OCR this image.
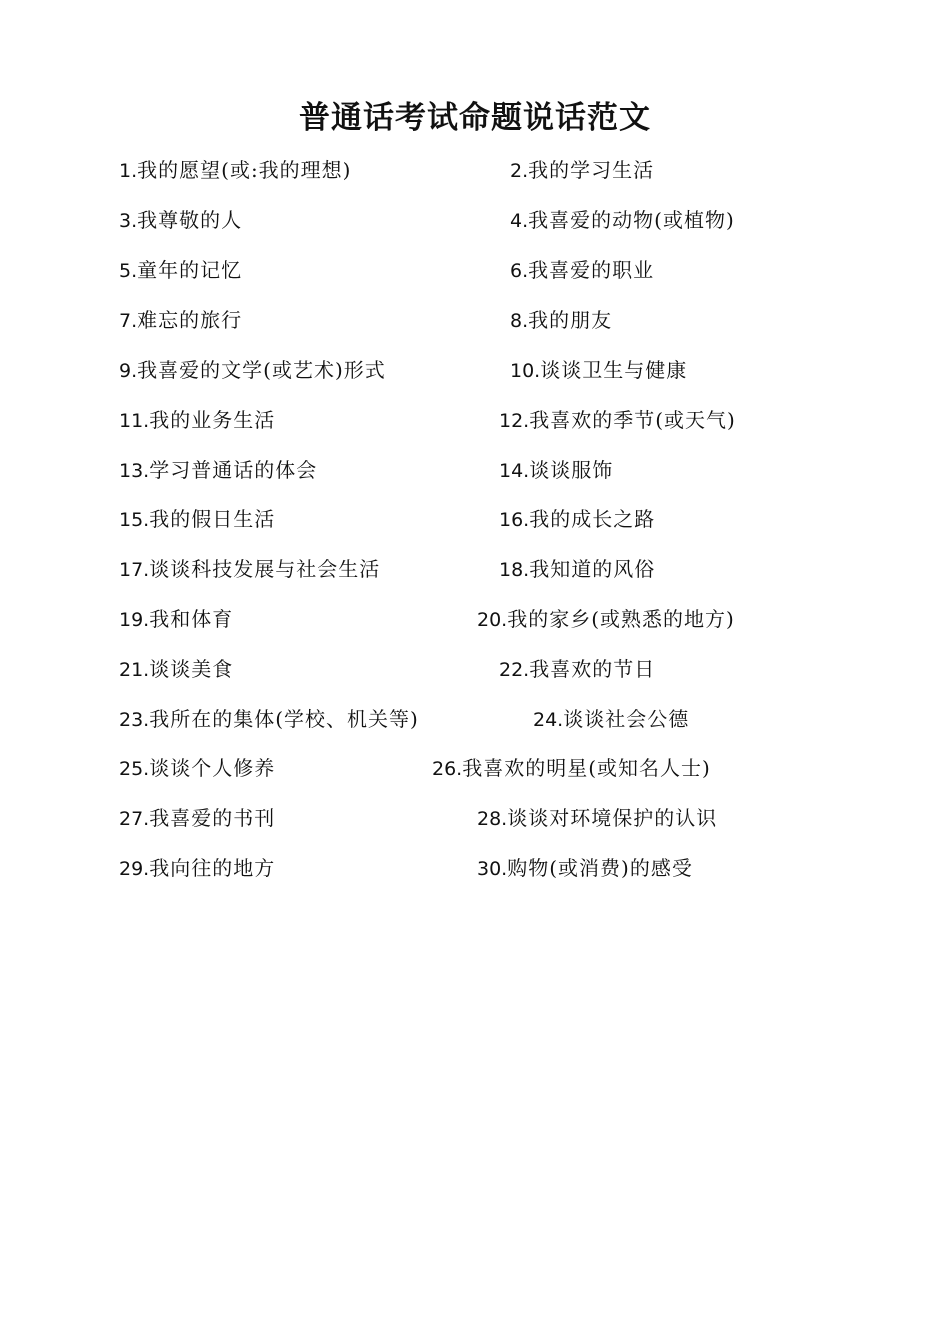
普通话考试命题说话范文
1.我的愿望(或:我的理想)	2.我的学习生活
3.我尊敬的人	4.我喜爱的动物(或植物)
5.童年的记忆	6.我喜爱的职业
7.难忘的旅行	8.我的朋友
9.我喜爱的文学(或艺术)形式	10.谈谈卫生与健康
11.我的业务生活	12.我喜欢的季节(或天气)
13.学习普通话的体会	14.谈谈服饰
15.我的假日生活	16.我的成长之路
17.谈谈科技发展与社会生活	18.我知道的风俗
19.我和体育	20.我的家乡(或熟悉的地方)
21.谈谈美食	22.我喜欢的节日
23.我所在的集体(学校、机关等)	24.谈谈社会公德
25.谈谈个人修养	26.我喜欢的明星(或知名人士)
27.我喜爱的书刊	28.谈谈对环境保护的认识
29.我向往的地方	30.购物(或消费)的感受
